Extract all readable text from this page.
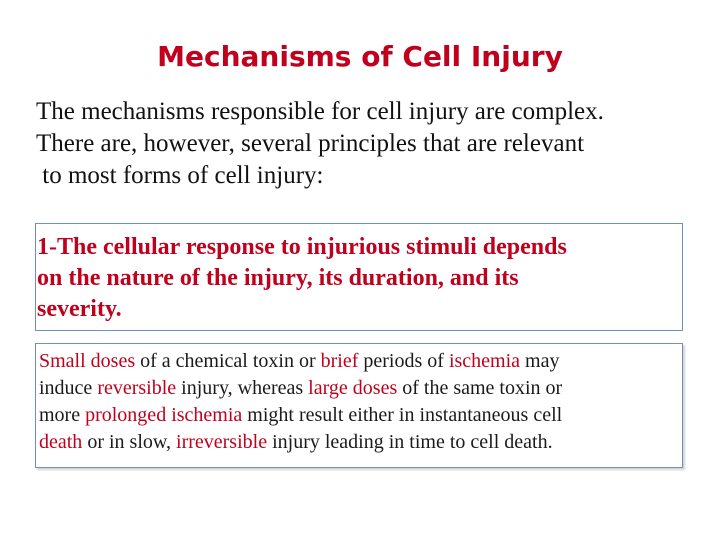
Mechanisms of Cell Injury
The mechanisms responsible for cell injury are complex.
There are, however, several principles that are relevant
to most forms of cell injury:
1-The cellular response to injurious stimuli depends
on the nature of the injury, its duration, and its
severity.
Small doses of a chemical toxin or brief periods of ischemia may
induce reversible injury, whereas large doses of the same toxin or
more prolonged ischemia might result either in instantaneous cell
death or in slow, irreversible injury leading in time to cell death.
